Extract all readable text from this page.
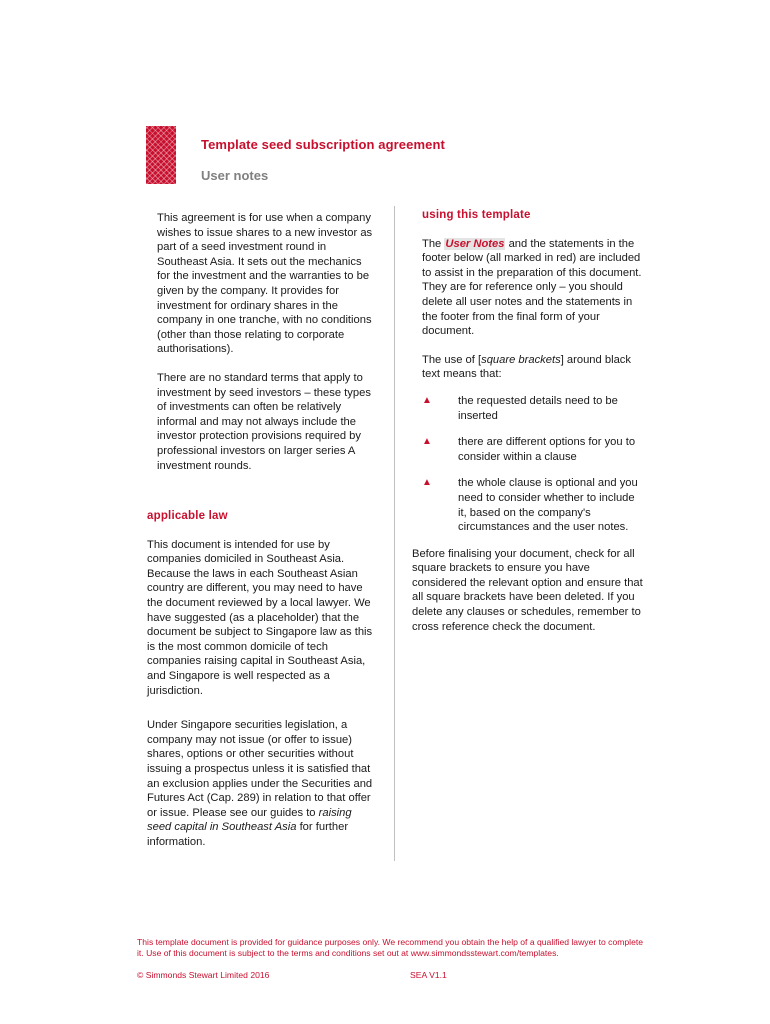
Template seed subscription agreement
User notes

This agreement is for use when a company wishes to issue shares to a new investor as part of a seed investment round in Southeast Asia. It sets out the mechanics for the investment and the warranties to be given by the company. It provides for investment for ordinary shares in the company in one tranche, with no conditions (other than those relating to corporate authorisations).

There are no standard terms that apply to investment by seed investors – these types of investments can often be relatively informal and may not always include the investor protection provisions required by professional investors on larger series A investment rounds.

applicable law

This document is intended for use by companies domiciled in Southeast Asia. Because the laws in each Southeast Asian country are different, you may need to have the document reviewed by a local lawyer. We have suggested (as a placeholder) that the document be subject to Singapore law as this is the most common domicile of tech companies raising capital in Southeast Asia, and Singapore is well respected as a jurisdiction.

Under Singapore securities legislation, a company may not issue (or offer to issue) shares, options or other securities without issuing a prospectus unless it is satisfied that an exclusion applies under the Securities and Futures Act (Cap. 289) in relation to that offer or issue. Please see our guides to raising seed capital in Southeast Asia for further information.

using this template

The User Notes and the statements in the footer below (all marked in red) are included to assist in the preparation of this document. They are for reference only – you should delete all user notes and the statements in the footer from the final form of your document.

The use of [square brackets] around black text means that:

▲	the requested details need to be inserted
▲	there are different options for you to consider within a clause
▲	the whole clause is optional and you need to consider whether to include it, based on the company's circumstances and the user notes.

Before finalising your document, check for all square brackets to ensure you have considered the relevant option and ensure that all square brackets have been deleted. If you delete any clauses or schedules, remember to cross reference check the document.

This template document is provided for guidance purposes only. We recommend you obtain the help of a qualified lawyer to complete it. Use of this document is subject to the terms and conditions set out at www.simmondsstewart.com/templates.

© Simmonds Stewart Limited 2016	SEA V1.1
